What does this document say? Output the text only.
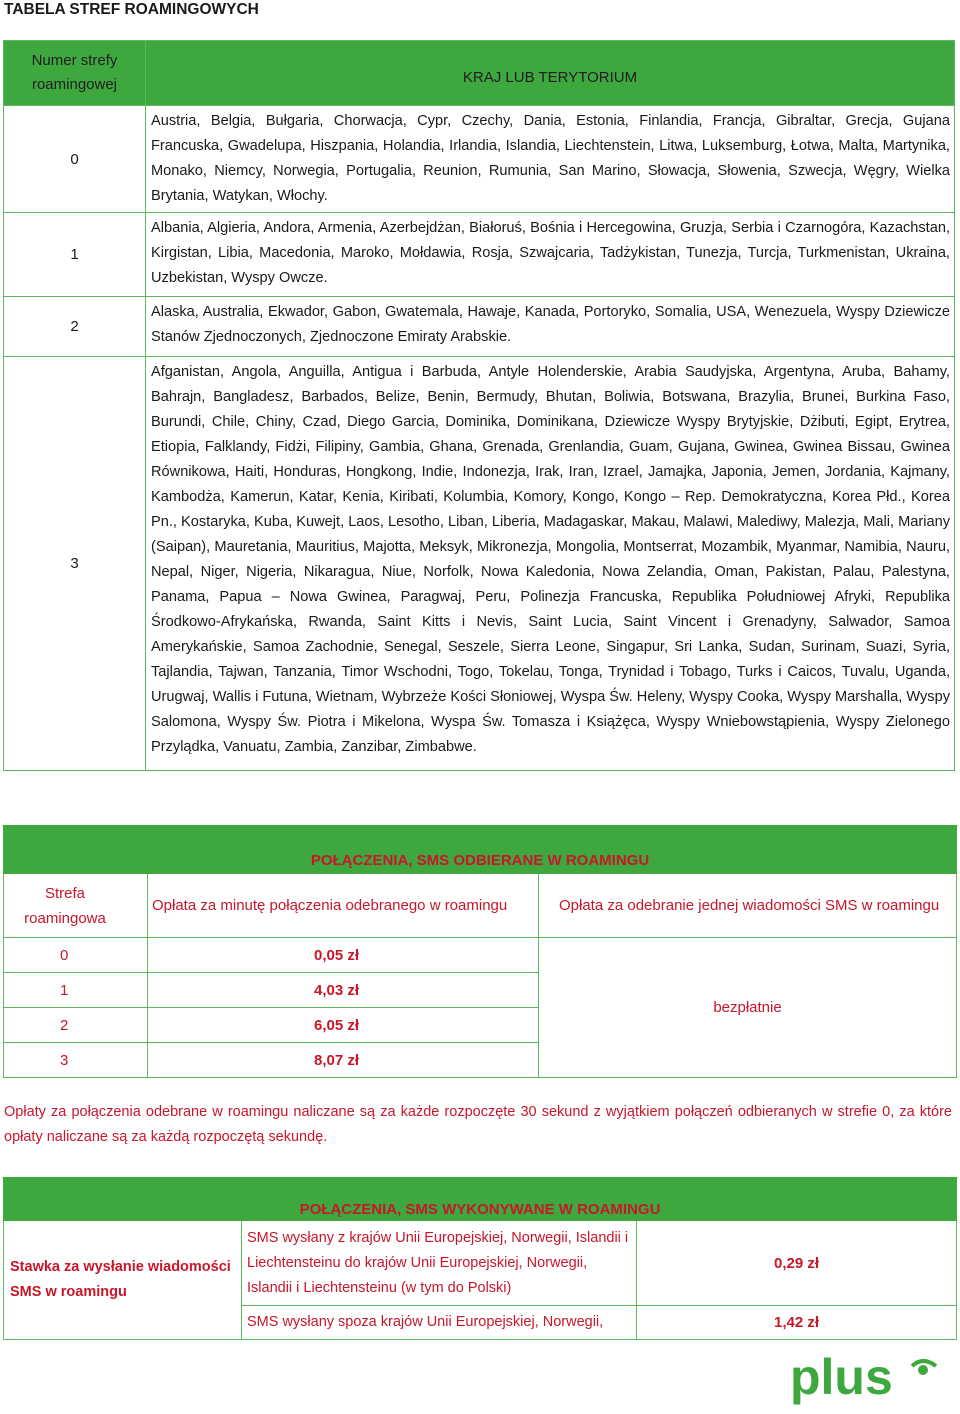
TABELA STREF ROAMINGOWYCH
Numer strefy roamingowej	KRAJ LUB TERYTORIUM
0	Austria, Belgia, Bułgaria, Chorwacja, Cypr, Czechy, Dania, Estonia, Finlandia, Francja, Gibraltar, Grecja, Gujana Francuska, Gwadelupa, Hiszpania, Holandia, Irlandia, Islandia, Liechtenstein, Litwa, Luksemburg, Łotwa, Malta, Martynika, Monako, Niemcy, Norwegia, Portugalia, Reunion, Rumunia, San Marino, Słowacja, Słowenia, Szwecja, Węgry, Wielka Brytania, Watykan, Włochy.
1	Albania, Algieria, Andora, Armenia, Azerbejdżan, Białoruś, Bośnia i Hercegowina, Gruzja, Serbia i Czarnogóra, Kazachstan, Kirgistan, Libia, Macedonia, Maroko, Mołdawia, Rosja, Szwajcaria, Tadżykistan, Tunezja, Turcja, Turkmenistan, Ukraina, Uzbekistan, Wyspy Owcze.
2	Alaska, Australia, Ekwador, Gabon, Gwatemala, Hawaje, Kanada, Portoryko, Somalia, USA, Wenezuela, Wyspy Dziewicze Stanów Zjednoczonych, Zjednoczone Emiraty Arabskie.
3	Afganistan, Angola, Anguilla, Antigua i Barbuda, Antyle Holenderskie, Arabia Saudyjska, Argentyna, Aruba, Bahamy, Bahrajn, Bangladesz, Barbados, Belize, Benin, Bermudy, Bhutan, Boliwia, Botswana, Brazylia, Brunei, Burkina Faso, Burundi, Chile, Chiny, Czad, Diego Garcia, Dominika, Dominikana, Dziewicze Wyspy Brytyjskie, Dżibuti, Egipt, Erytrea, Etiopia, Falklandy, Fidżi, Filipiny, Gambia, Ghana, Grenada, Grenlandia, Guam, Gujana, Gwinea, Gwinea Bissau, Gwinea Równikowa, Haiti, Honduras, Hongkong, Indie, Indonezja, Irak, Iran, Izrael, Jamajka, Japonia, Jemen, Jordania, Kajmany, Kambodża, Kamerun, Katar, Kenia, Kiribati, Kolumbia, Komory, Kongo, Kongo – Rep. Demokratyczna, Korea Płd., Korea Pn., Kostaryka, Kuba, Kuwejt, Laos, Lesotho, Liban, Liberia, Madagaskar, Makau, Malawi, Malediwy, Malezja, Mali, Mariany (Saipan), Mauretania, Mauritius, Majotta, Meksyk, Mikronezja, Mongolia, Montserrat, Mozambik, Myanmar, Namibia, Nauru, Nepal, Niger, Nigeria, Nikaragua, Niue, Norfolk, Nowa Kaledonia, Nowa Zelandia, Oman, Pakistan, Palau, Palestyna, Panama, Papua – Nowa Gwinea, Paragwaj, Peru, Polinezja Francuska, Republika Południowej Afryki, Republika Środkowo-Afrykańska, Rwanda, Saint Kitts i Nevis, Saint Lucia, Saint Vincent i Grenadyny, Salwador, Samoa Amerykańskie, Samoa Zachodnie, Senegal, Seszele, Sierra Leone, Singapur, Sri Lanka, Sudan, Surinam, Suazi, Syria, Tajlandia, Tajwan, Tanzania, Timor Wschodni, Togo, Tokelau, Tonga, Trynidad i Tobago, Turks i Caicos, Tuvalu, Uganda, Urugwaj, Wallis i Futuna, Wietnam, Wybrzeże Kości Słoniowej, Wyspa Św. Heleny, Wyspy Cooka, Wyspy Marshalla, Wyspy Salomona, Wyspy Św. Piotra i Mikelona, Wyspa Św. Tomasza i Książęca, Wyspy Wniebowstąpienia, Wyspy Zielonego Przylądka, Vanuatu, Zambia, Zanzibar, Zimbabwe.
POŁĄCZENIA, SMS ODBIERANE W ROAMINGU		

Strefa roamingowa	Opłata za minutę połączenia odebranego w roamingu	Opłata za odebranie jednej wiadomości SMS w roamingu
0	0,05 zł	bezpłatnie
1	4,03 zł	
2	6,05 zł	
3	8,07 zł	
Opłaty za połączenia odebrane w roamingu naliczane są za każde rozpoczęte 30 sekund z wyjątkiem połączeń odbieranych w strefie 0, za które opłaty naliczane są za każdą rozpoczętą sekundę.
POŁĄCZENIA, SMS WYKONYWANE W ROAMINGU		
Stawka za wysłanie wiadomości SMS w roamingu	SMS wysłany z krajów Unii Europejskiej, Norwegii, Islandii i Liechtensteinu do krajów Unii Europejskiej, Norwegii, Islandii i Liechtensteinu (w tym do Polski)	0,29 zł
	SMS wysłany spoza krajów Unii Europejskiej, Norwegii,	1,42 zł
plus
